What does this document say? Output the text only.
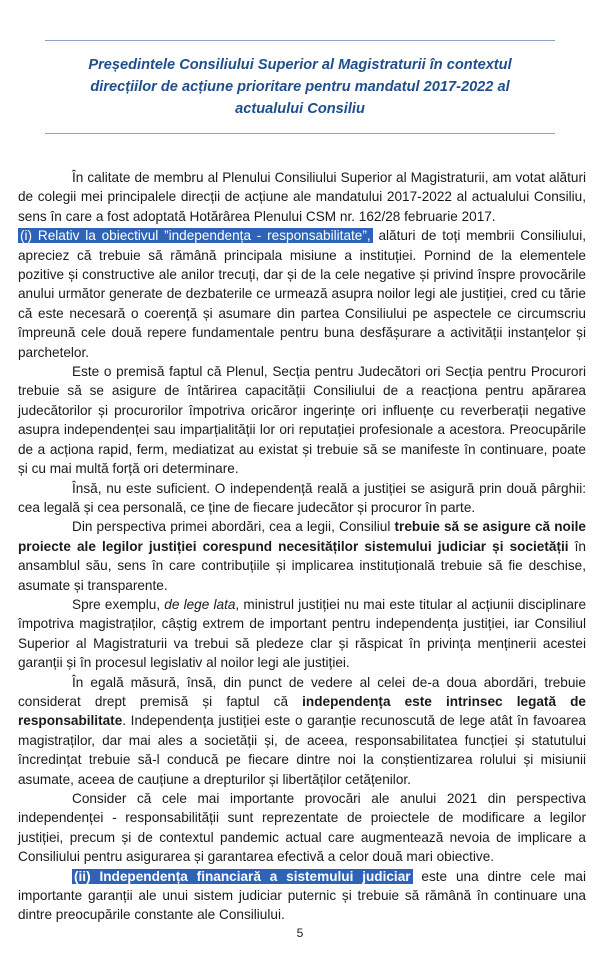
Președintele Consiliului Superior al Magistraturii în contextul
direcțiilor de acțiune prioritare pentru mandatul 2017-2022 al
actualului Consiliu

În calitate de membru al Plenului Consiliului Superior al Magistraturii, am votat alături de colegii mei principalele direcții de acțiune ale mandatului 2017-2022 al actualului Consiliu, sens în care a fost adoptată Hotărârea Plenului CSM nr. 162/28 februarie 2017.

(i) Relativ la obiectivul ”independența - responsabilitate”, alături de toți membrii Consiliului, apreciez că trebuie să rămână principala misiune a instituției. Pornind de la elementele pozitive și constructive ale anilor trecuți, dar și de la cele negative și privind înspre provocările anului următor generate de dezbaterile ce urmează asupra noilor legi ale justiției, cred cu tărie că este necesară o coerență și asumare din partea Consiliului pe aspectele ce circumscriu împreună cele două repere fundamentale pentru buna desfășurare a activității instanțelor și parchetelor.

Este o premisă faptul că Plenul, Secția pentru Judecători ori Secția pentru Procurori trebuie să se asigure de întărirea capacității Consiliului de a reacționa pentru apărarea judecătorilor și procurorilor împotriva oricăror ingerințe ori influențe cu reverberații negative asupra independenței sau imparțialității lor ori reputației profesionale a acestora. Preocupările de a acționa rapid, ferm, mediatizat au existat și trebuie să se manifeste în continuare, poate și cu mai multă forță ori determinare.

Însă, nu este suficient. O independență reală a justiției se asigură prin două pârghii: cea legală și cea personală, ce ține de fiecare judecător și procuror în parte.

Din perspectiva primei abordări, cea a legii, Consiliul trebuie să se asigure că noile proiecte ale legilor justiției corespund necesităților sistemului judiciar și societății în ansamblul său, sens în care contribuțiile și implicarea instituțională trebuie să fie deschise, asumate și transparente.

Spre exemplu, de lege lata, ministrul justiției nu mai este titular al acțiunii disciplinare împotriva magistraților, câștig extrem de important pentru independența justiției, iar Consiliul Superior al Magistraturii va trebui să pledeze clar și răspicat în privința menținerii acestei garanții și în procesul legislativ al noilor legi ale justiției.

În egală măsură, însă, din punct de vedere al celei de-a doua abordări, trebuie considerat drept premisă și faptul că independența este intrinsec legată de responsabilitate. Independența justiției este o garanție recunoscută de lege atât în favoarea magistraților, dar mai ales a societății și, de aceea, responsabilitatea funcției și statutului încredințat trebuie să-l conducă pe fiecare dintre noi la conștientizarea rolului și misiunii asumate, aceea de cauțiune a drepturilor și libertăților cetățenilor.

Consider că cele mai importante provocări ale anului 2021 din perspectiva independenței - responsabilității sunt reprezentate de proiectele de modificare a legilor justiției, precum și de contextul pandemic actual care augmentează nevoia de implicare a Consiliului pentru asigurarea și garantarea efectivă a celor două mari obiective.

(ii) Independența financiară a sistemului judiciar este una dintre cele mai importante garanții ale unui sistem judiciar puternic și trebuie să rămână în continuare una dintre preocupările constante ale Consiliului.

5
